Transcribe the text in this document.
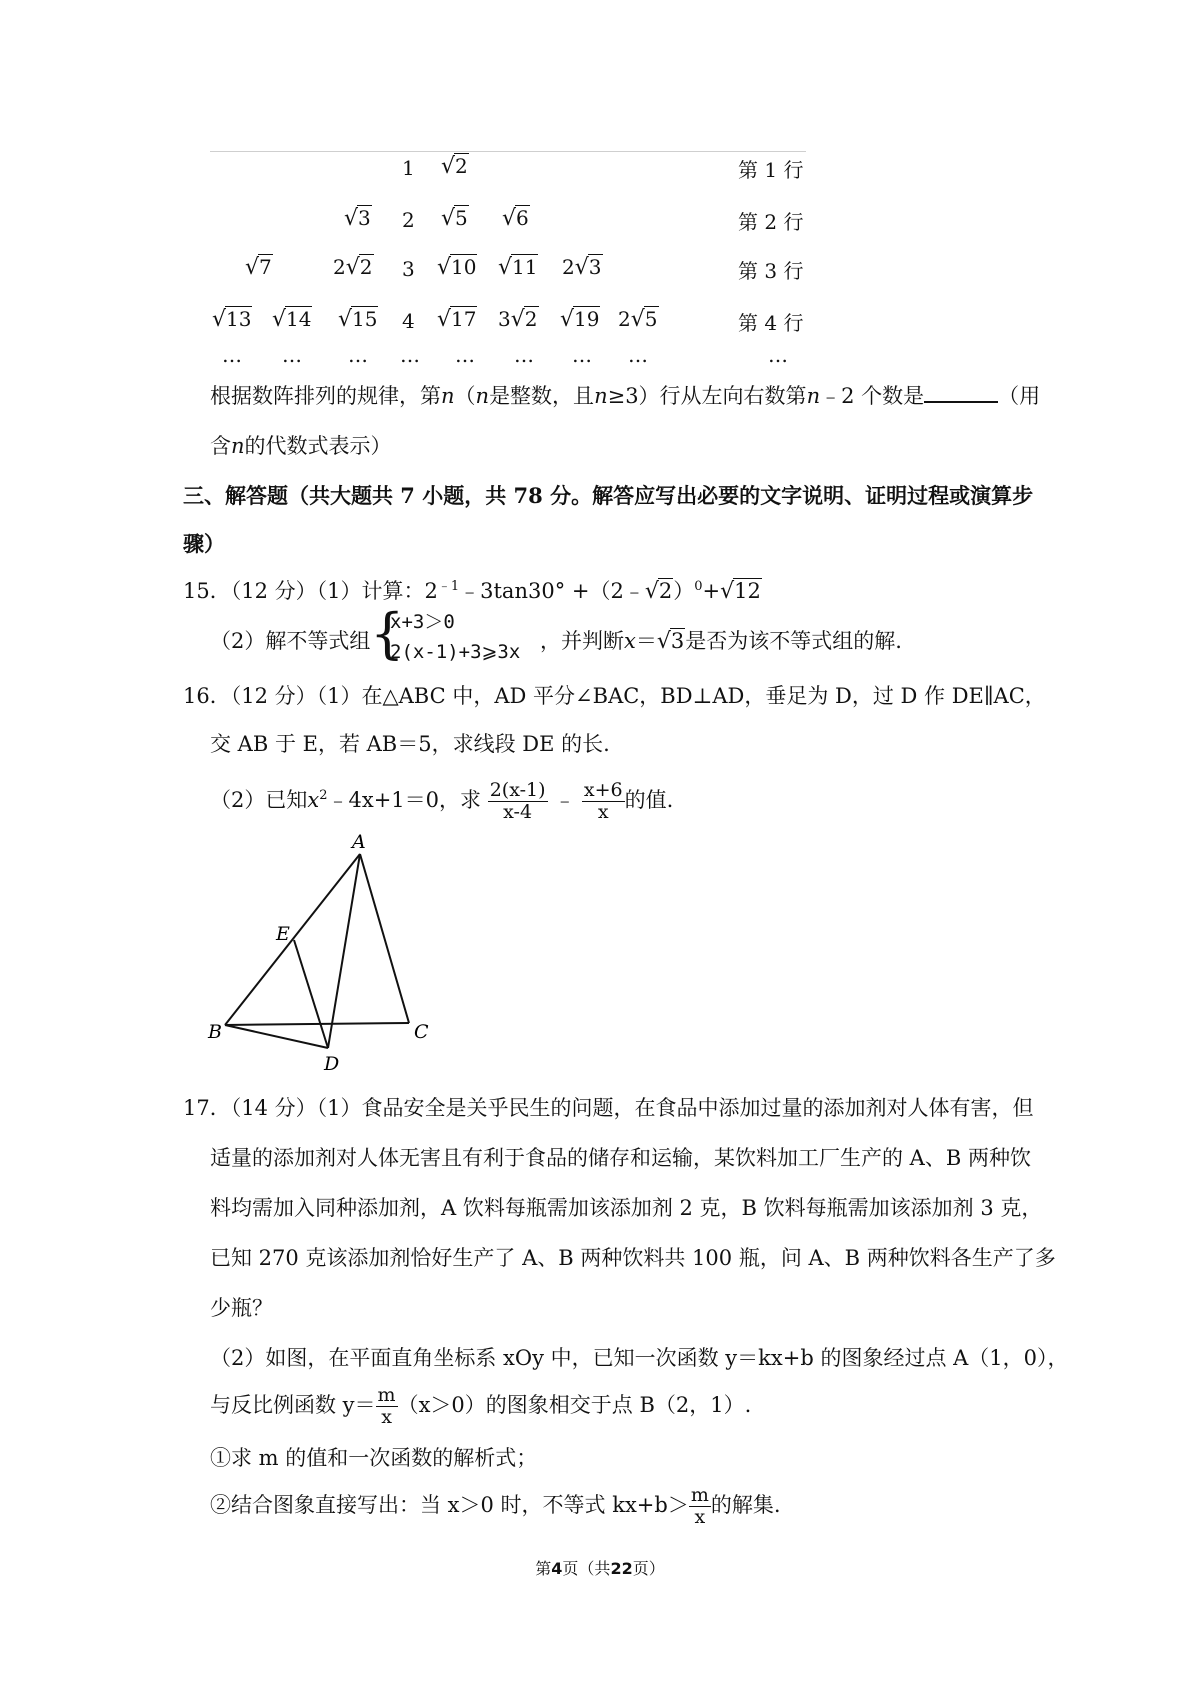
1 √2	第 1 行
√3 2 √5 √6	第 2 行
√7	2√2 3 √10 √11 2√3	第 3 行
√13 √14 √15 4 √17 3√2 √19 2√5	第 4 行
… … … … … … … …	…
根据数阵排列的规律，第n（n是整数，且n≥3）行从左向右数第n﹣2 个数是	（用
含n的代数式表示）
三、解答题（共大题共 7 小题，共 78 分。解答应写出必要的文字说明、证明过程或演算步
骤）
15．（12 分）（1）计算：$2^{﹣1}﹣3\tan 30^\circ$ +（2﹣√2）$^0$+√12
（2）解不等式组 {
x+3＞0
2(x-1)+3⩾3x ，并判断x＝√3是否为该不等式组的解.
16．（12 分）（1）在△ABC 中，AD 平分∠BAC，BD⊥AD，垂足为 D，过 D 作 DE∥AC，
交 AB 于 E，若 AB＝5，求线段 DE 的长.
（2）已知$x^2﹣4x+1=0$，求 $\frac{2(x-1)}{x-4}$ ﹣ $\frac{x+6}{x}$ 的值.
A
E
B	C
D
17．（14 分）（1）食品安全是关乎民生的问题，在食品中添加过量的添加剂对人体有害，但
适量的添加剂对人体无害且有利于食品的储存和运输，某饮料加工厂生产的 A、B 两种饮
料均需加入同种添加剂，A 饮料每瓶需加该添加剂 2 克，B 饮料每瓶需加该添加剂 3 克，
已知 270 克该添加剂恰好生产了 A、B 两种饮料共 100 瓶，问 A、B 两种饮料各生产了多
少瓶？
（2）如图，在平面直角坐标系 xOy 中，已知一次函数 y＝kx+b 的图象经过点 A（1，0），
与反比例函数 $y= \frac{m}{x} (x>0)$的图象相交于点 B（2，1）.
①求 m 的值和一次函数的解析式；
②结合图象直接写出：当 x＞0 时，不等式 $kx+b> \frac{m}{x}$ 的解集.
第4页（共22页）
